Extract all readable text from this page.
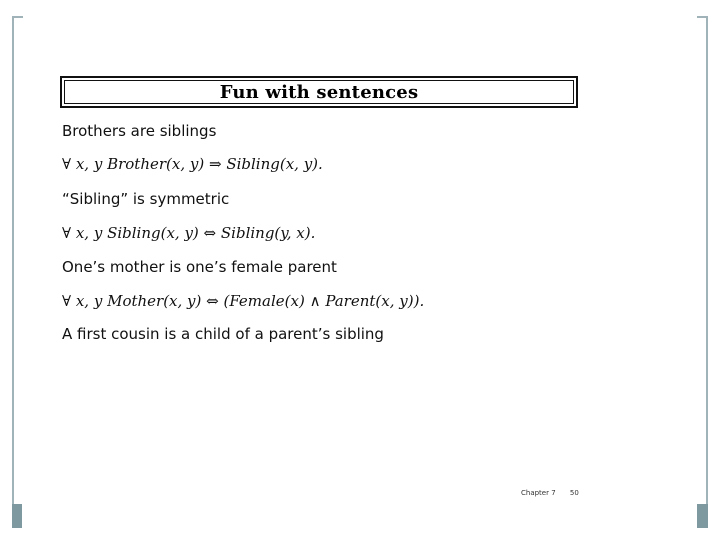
Fun with sentences
Brothers are siblings
∀ x, y Brother(x, y) ⇒ Sibling(x, y).
“Sibling” is symmetric
∀ x, y Sibling(x, y) ⇔ Sibling(y, x).
One’s mother is one’s female parent
∀ x, y Mother(x, y) ⇔ (Female(x) ∧ Parent(x, y)).
A first cousin is a child of a parent’s sibling
Chapter 7 50
